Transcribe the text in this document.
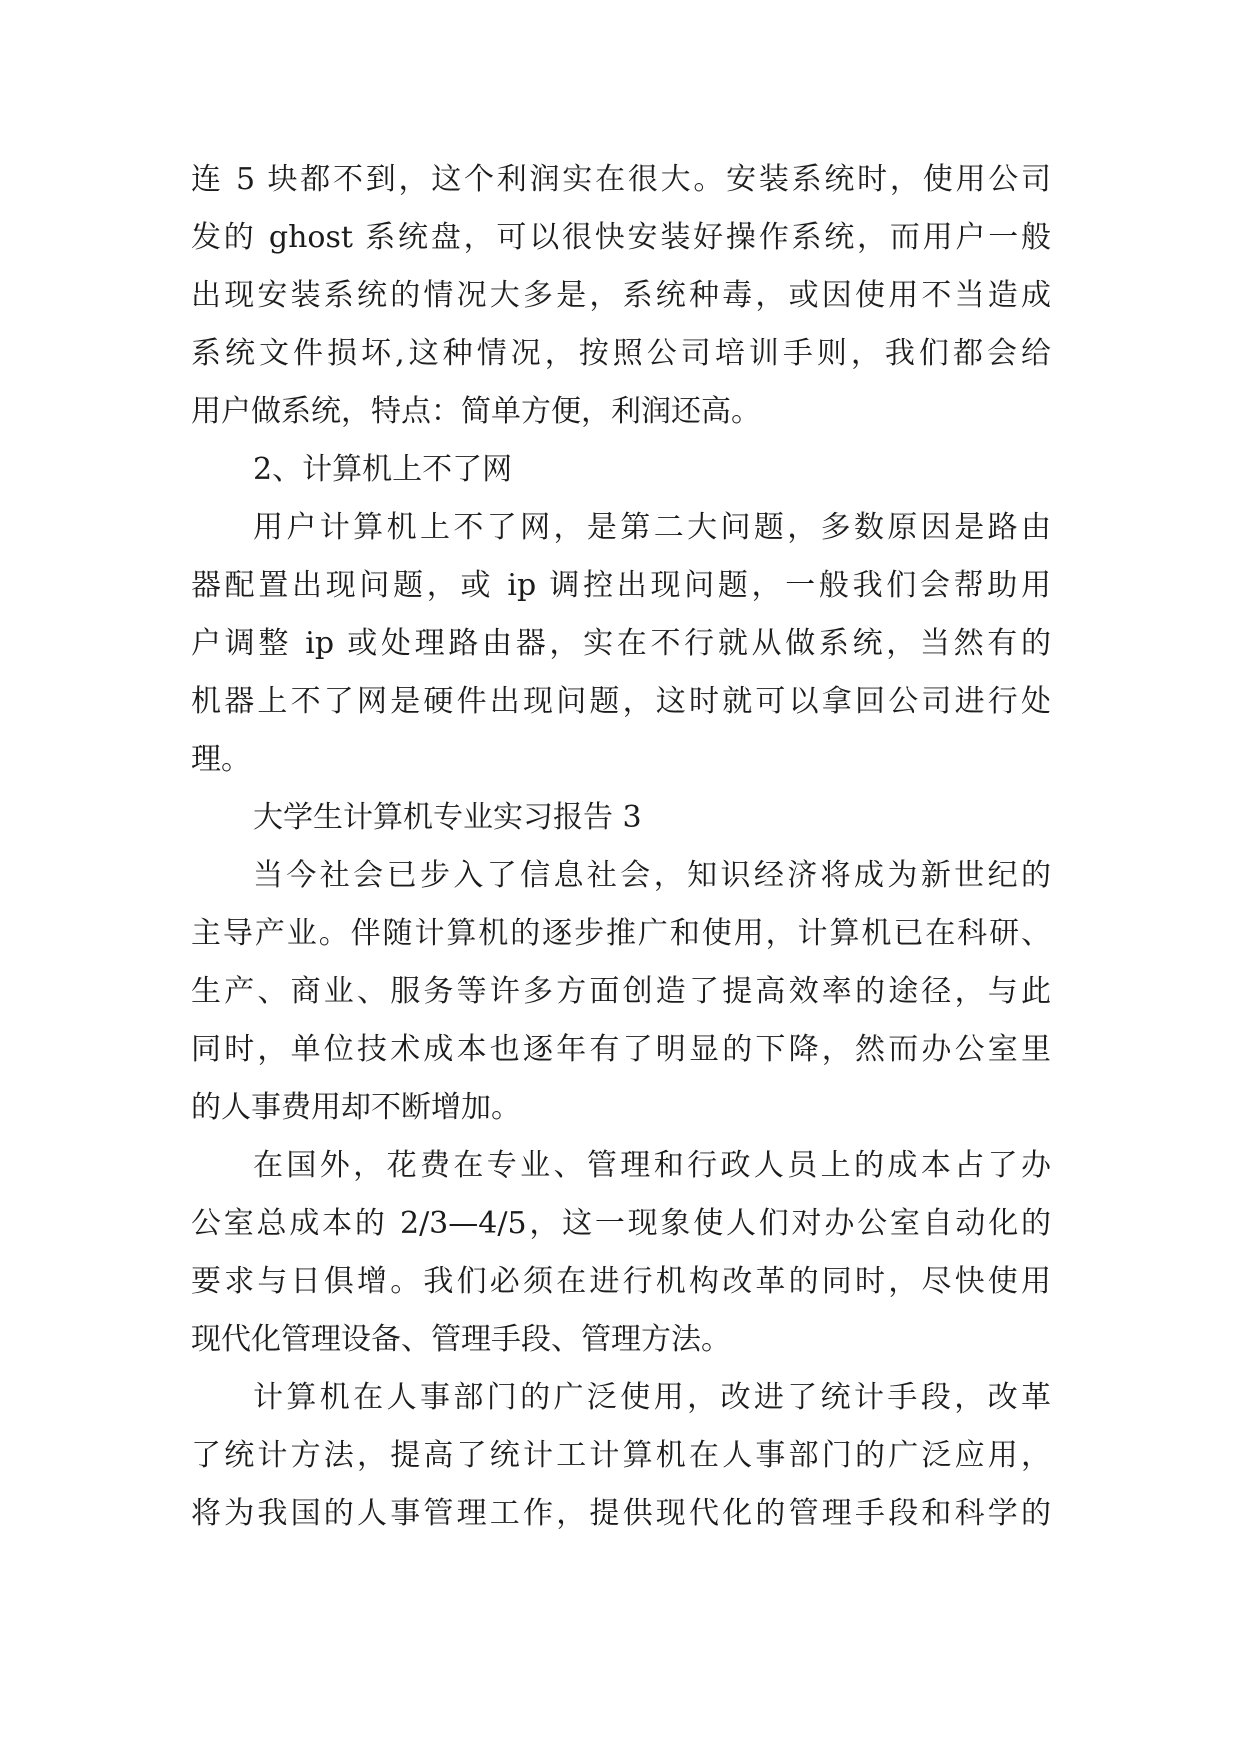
连 5 块都不到，这个利润实在很大。安装系统时，使用公司
发的 ghost 系统盘，可以很快安装好操作系统，而用户一般
出现安装系统的情况大多是，系统种毒，或因使用不当造成
系统文件损坏,这种情况，按照公司培训手则，我们都会给
用户做系统，特点：简单方便，利润还高。
2、计算机上不了网
用户计算机上不了网，是第二大问题，多数原因是路由
器配置出现问题，或 ip 调控出现问题，一般我们会帮助用
户调整 ip 或处理路由器，实在不行就从做系统，当然有的
机器上不了网是硬件出现问题，这时就可以拿回公司进行处
理。
大学生计算机专业实习报告 3
当今社会已步入了信息社会，知识经济将成为新世纪的
主导产业。伴随计算机的逐步推广和使用，计算机已在科研、
生产、商业、服务等许多方面创造了提高效率的途径，与此
同时，单位技术成本也逐年有了明显的下降，然而办公室里
的人事费用却不断增加。
在国外，花费在专业、管理和行政人员上的成本占了办
公室总成本的 2/3—4/5，这一现象使人们对办公室自动化的
要求与日俱增。我们必须在进行机构改革的同时，尽快使用
现代化管理设备、管理手段、管理方法。
计算机在人事部门的广泛使用，改进了统计手段，改革
了统计方法，提高了统计工计算机在人事部门的广泛应用，
将为我国的人事管理工作，提供现代化的管理手段和科学的
